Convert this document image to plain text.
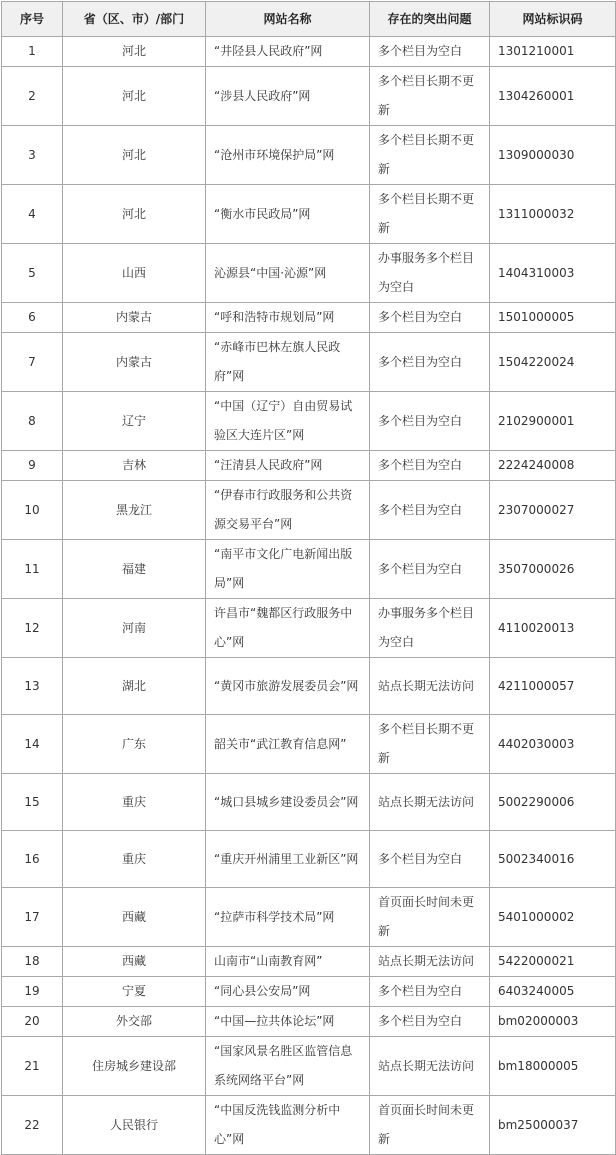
序号	省（区、市）/部门	网站名称	存在的突出问题	网站标识码
1	河北	“井陉县人民政府”网	多个栏目为空白	1301210001
2	河北	“涉县人民政府”网	多个栏目长期不更新	1304260001
3	河北	“沧州市环境保护局”网	多个栏目长期不更新	1309000030
4	河北	“衡水市民政局”网	多个栏目长期不更新	1311000032
5	山西	沁源县“中国·沁源”网	办事服务多个栏目为空白	1404310003
6	内蒙古	“呼和浩特市规划局”网	多个栏目为空白	1501000005
7	内蒙古	“赤峰市巴林左旗人民政府”网	多个栏目为空白	1504220024
8	辽宁	“中国（辽宁）自由贸易试验区大连片区”网	多个栏目为空白	2102900001
9	吉林	“汪清县人民政府”网	多个栏目为空白	2224240008
10	黑龙江	“伊春市行政服务和公共资源交易平台”网	多个栏目为空白	2307000027
11	福建	“南平市文化广电新闻出版局”网	多个栏目为空白	3507000026
12	河南	许昌市“魏都区行政服务中心”网	办事服务多个栏目为空白	4110020013
13	湖北	“黄冈市旅游发展委员会”网	站点长期无法访问	4211000057
14	广东	韶关市“武江教育信息网”	多个栏目长期不更新	4402030003
15	重庆	“城口县城乡建设委员会”网	站点长期无法访问	5002290006
16	重庆	“重庆开州浦里工业新区”网	多个栏目为空白	5002340016
17	西藏	“拉萨市科学技术局”网	首页面长时间未更新	5401000002
18	西藏	山南市“山南教育网”	站点长期无法访问	5422000021
19	宁夏	“同心县公安局”网	多个栏目为空白	6403240005
20	外交部	“中国—拉共体论坛”网	多个栏目为空白	bm02000003
21	住房城乡建设部	“国家风景名胜区监管信息系统网络平台”网	站点长期无法访问	bm18000005
22	人民银行	“中国反洗钱监测分析中心”网	首页面长时间未更新	bm25000037
